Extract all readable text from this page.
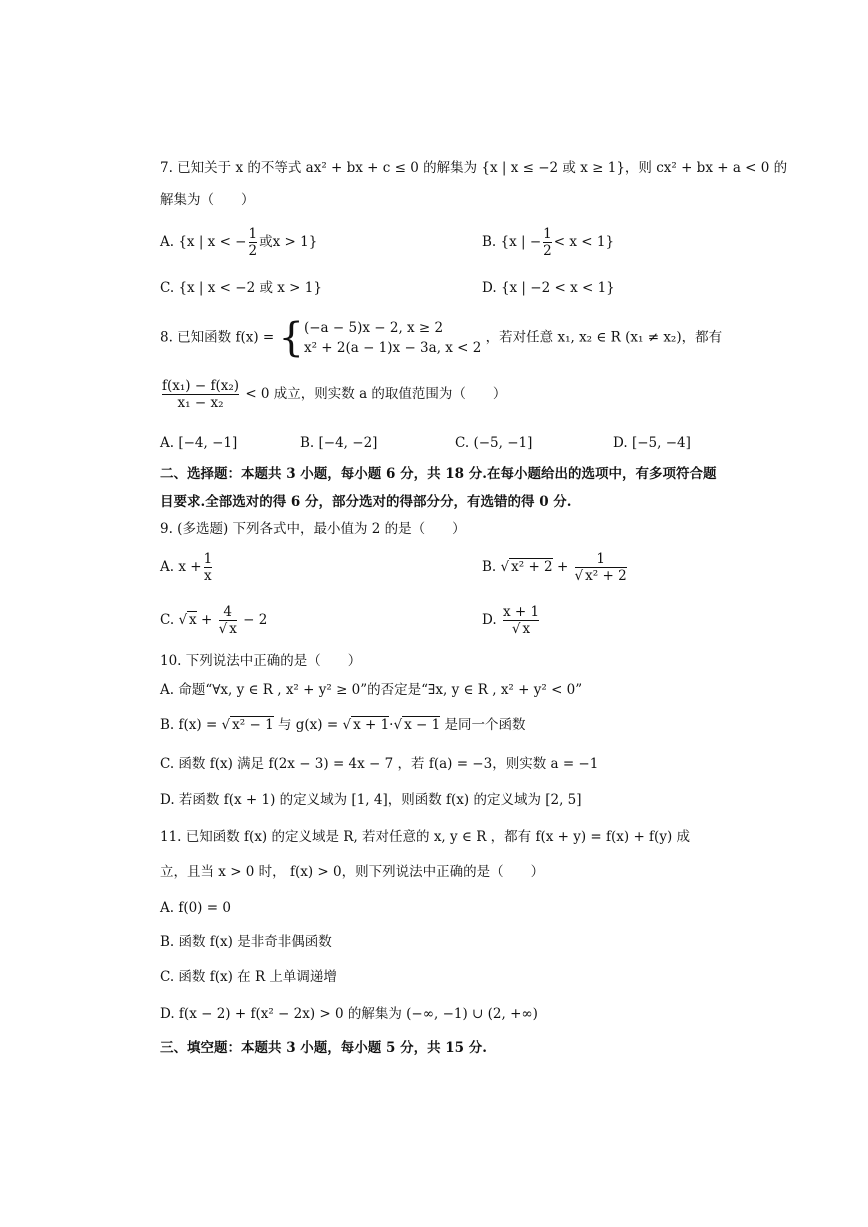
7. 已知关于 x 的不等式 ax² + bx + c ≤ 0 的解集为 {x | x ≤ −2 或 x ≥ 1}，则 cx² + bx + a < 0 的
解集为（　　）
A. {x | x < − $\frac{1}{2}$ 或x > 1}	B. {x | − $\frac{1}{2} < x < 1$}
C. {x | x < −2 或 x > 1}	D. {x | −2 < x < 1}
8. 已知函数 f(x) = { (−a − 5)x − 2, x ≥ 2
x² + 2(a − 1)x − 3a, x < 2
，若对任意 x₁, x₂ ∈ R (x₁ ≠ x₂)，都有
$\frac{\text{f(x₁) − f(x₂)}}{\text{x₁ − x₂}} < 0$ 成立，则实数 a 的取值范围为（　　）
A. [−4, −1]	B. [−4, −2]	C. (−5, −1]	D. [−5, −4]
二、选择题：本题共 3 小题，每小题 6 分，共 18 分.在每小题给出的选项中，有多项符合题
目要求.全部选对的得 6 分，部分选对的得部分分，有选错的得 0 分.
9. (多选题) 下列各式中，最小值为 2 的是（　　）
A. $x + \frac{1}{x}$	B. √ $x^2 + 2 + \frac{1}{\text{√ x² + 2}}$
C. √ $x + \frac{4}{√ x} - 2$	D. $\frac{x + 1}{√ x}$
10. 下列说法中正确的是（　　）
A. 命题“∀x, y ∈ R , x² + y² ≥ 0”的否定是“∃x, y ∈ R , x² + y² < 0”
B. f(x) = √ x² − 1 与 g(x) = √ x + 1·√ x − 1 是同一个函数
C. 函数 f(x) 满足 f(2x − 3) = 4x − 7 ，若 f(a) = −3，则实数 a = −1
D. 若函数 f(x + 1) 的定义域为 [1, 4]，则函数 f(x) 的定义域为 [2, 5]
11. 已知函数 f(x) 的定义域是 R, 若对任意的 x, y ∈ R ，都有 f(x + y) = f(x) + f(y) 成
立，且当 x > 0 时， f(x) > 0，则下列说法中正确的是（　　）
A. f(0) = 0
B. 函数 f(x) 是非奇非偶函数
C. 函数 f(x) 在 R 上单调递增
D. f(x − 2) + f(x² − 2x) > 0 的解集为 (−∞, −1) ∪ (2, +∞)
三、填空题：本题共 3 小题，每小题 5 分，共 15 分.
